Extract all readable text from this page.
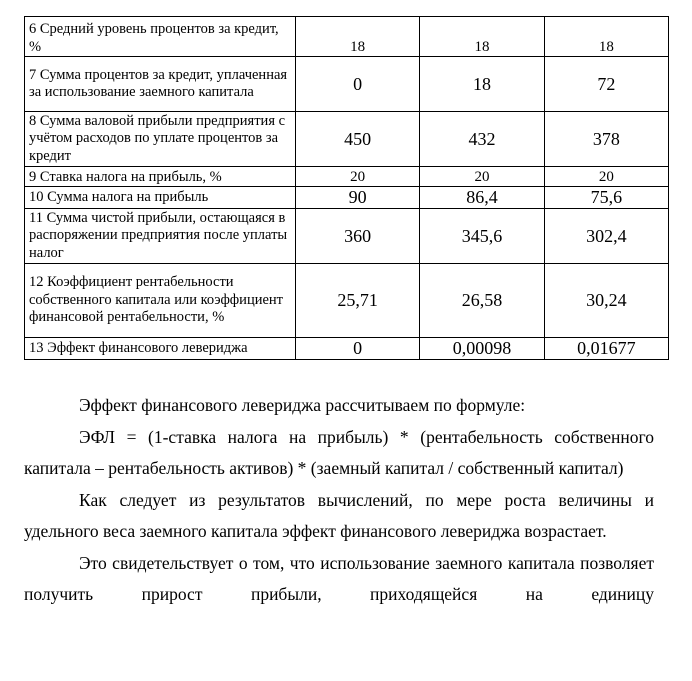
6 Средний уровень процентов за кредит, %	18	18	18
7 Сумма процентов за кредит, уплаченная за использование заемного капитала	0	18	72
8 Сумма валовой прибыли предприятия с учётом расходов по уплате процентов за кредит	450	432	378
9 Ставка налога на прибыль, %	20	20	20
10 Сумма налога на прибыль	90	86,4	75,6
11 Сумма чистой прибыли, остающаяся в распоряжении предприятия после уплаты налог	360	345,6	302,4
12 Коэффициент рентабельности собственного капитала или коэффициент финансовой рентабельности, %	25,71	26,58	30,24
13 Эффект финансового левериджа	0	0,00098	0,01677

Эффект финансового левериджа рассчитываем по формуле:

ЭФЛ = (1-ставка налога на прибыль) * (рентабельность собственного капитала – рентабельность активов) * (заемный капитал / собственный капитал)

Как следует из результатов вычислений, по мере роста величины и удельного веса заемного капитала эффект финансового левериджа возрастает.

Это свидетельствует о том, что использование заемного капитала позволяет получить прирост прибыли, приходящейся на единицу
